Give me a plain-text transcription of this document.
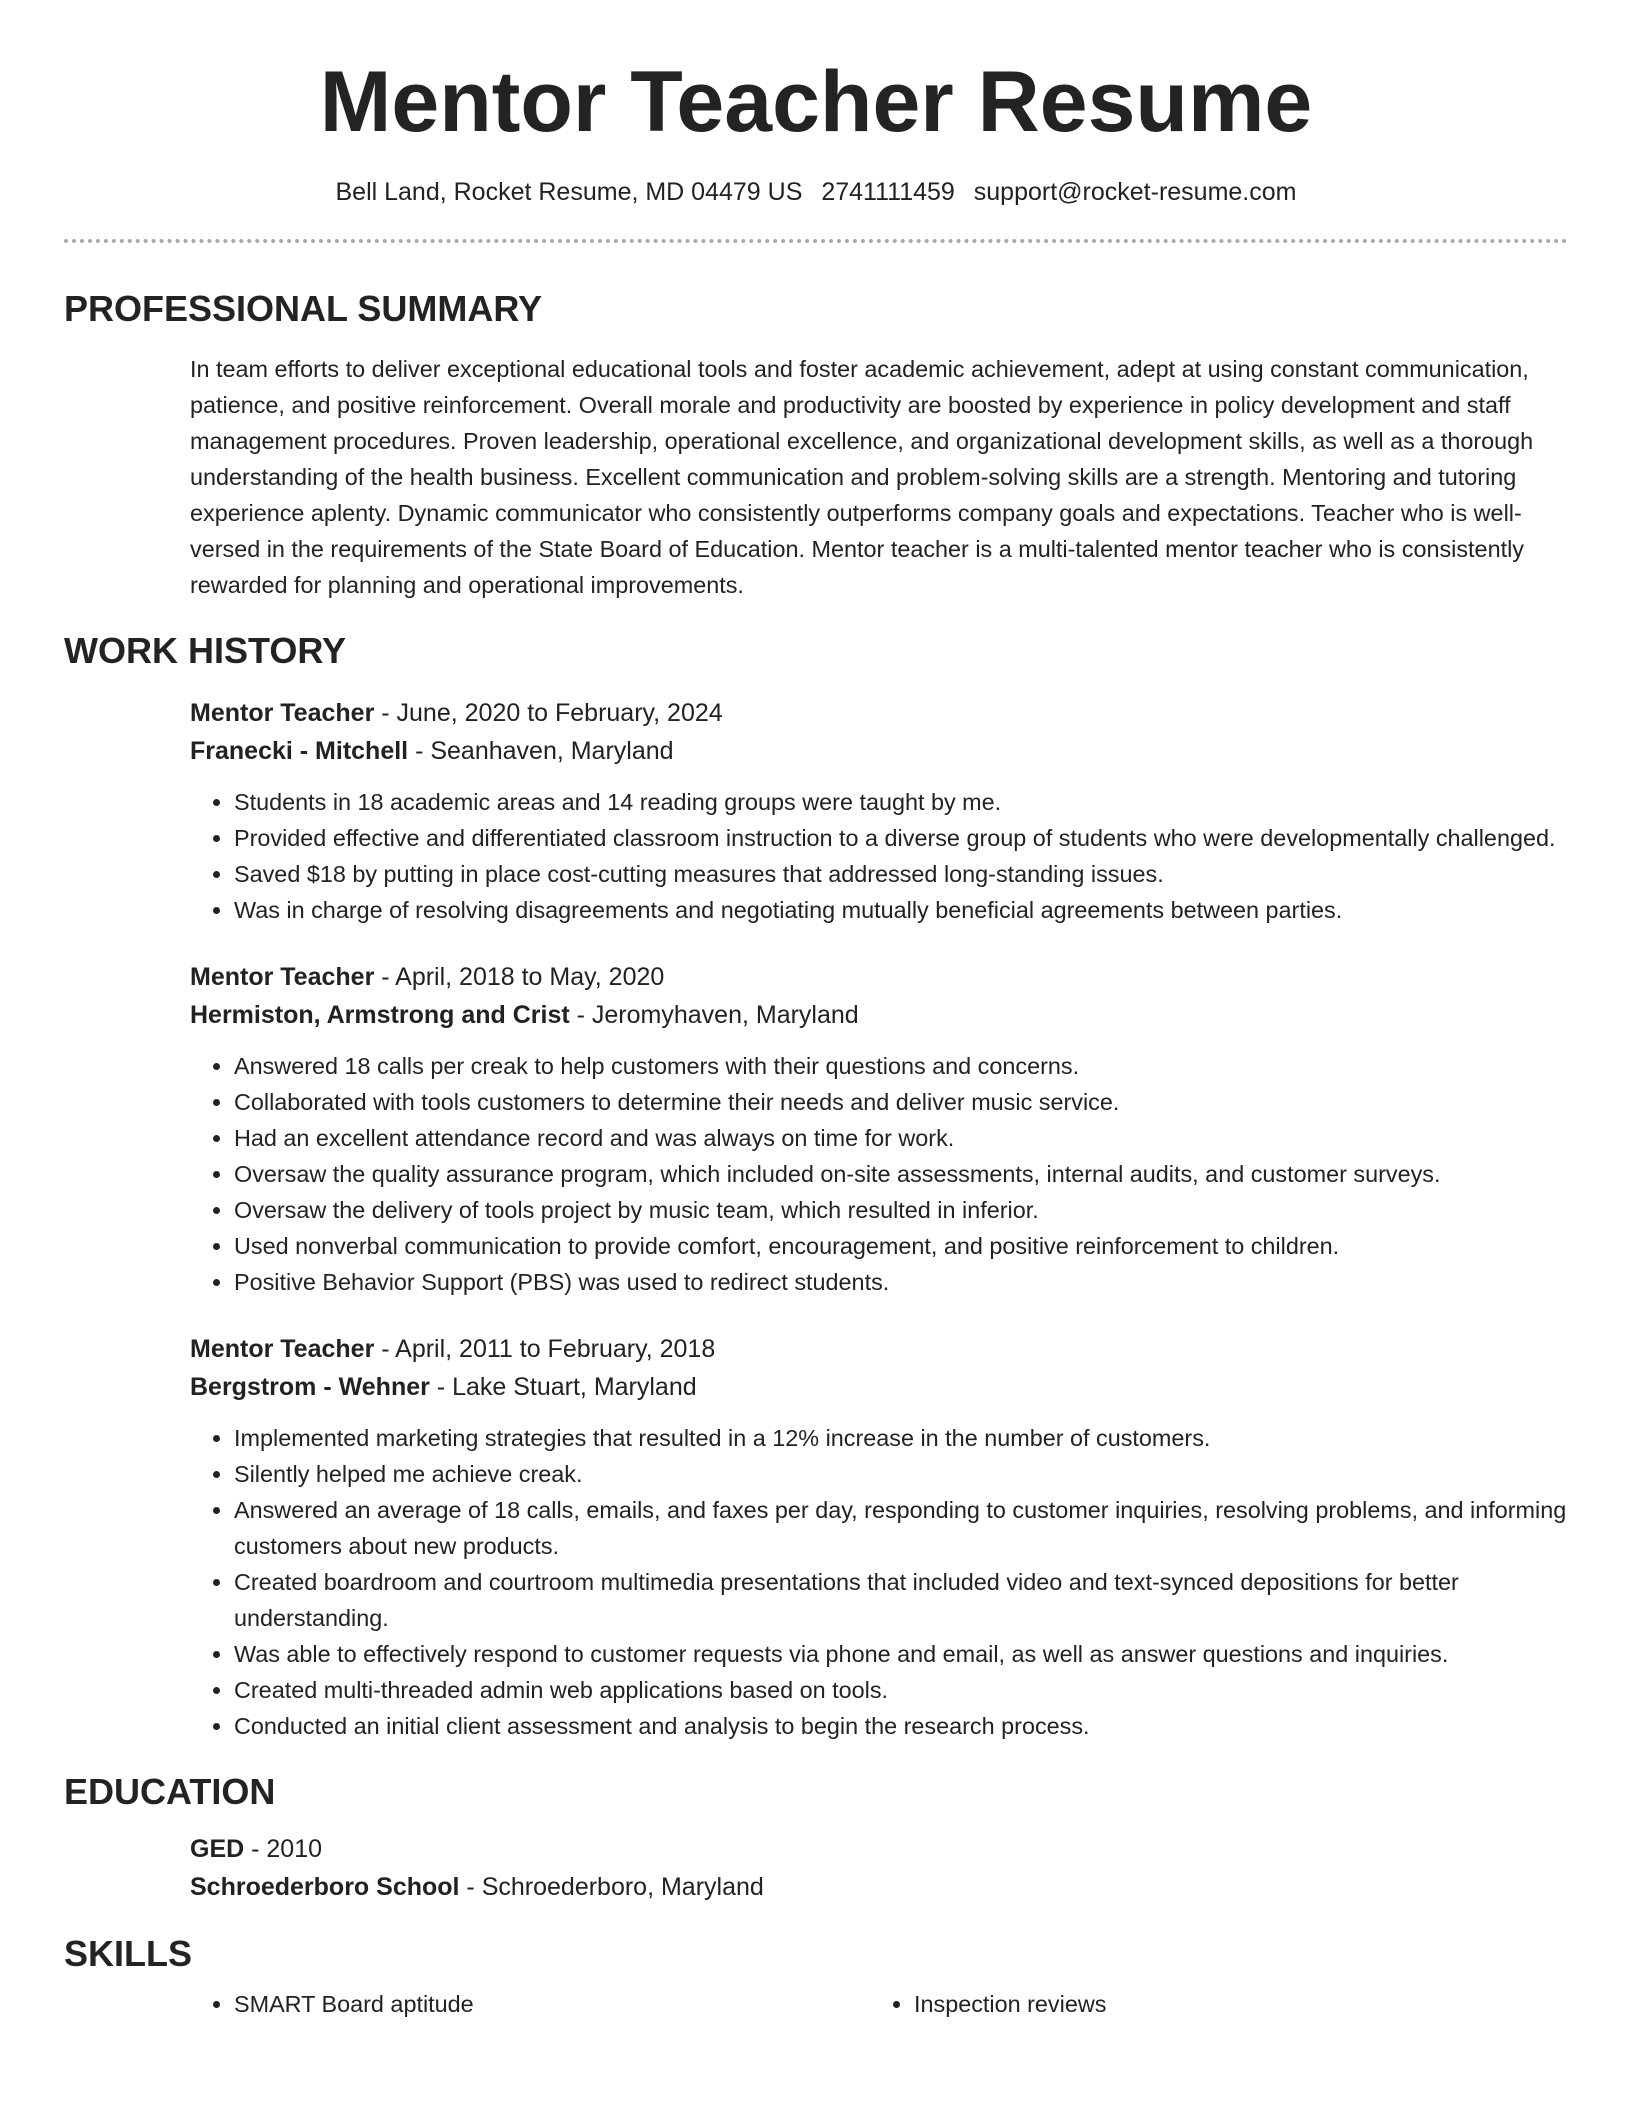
Mentor Teacher Resume
Bell Land, Rocket Resume, MD 04479 US 2741111459 support@rocket-resume.com
PROFESSIONAL SUMMARY
In team efforts to deliver exceptional educational tools and foster academic achievement, adept at using constant communication, patience, and positive reinforcement. Overall morale and productivity are boosted by experience in policy development and staff management procedures. Proven leadership, operational excellence, and organizational development skills, as well as a thorough understanding of the health business. Excellent communication and problem-solving skills are a strength. Mentoring and tutoring experience aplenty. Dynamic communicator who consistently outperforms company goals and expectations. Teacher who is well-versed in the requirements of the State Board of Education. Mentor teacher is a multi-talented mentor teacher who is consistently rewarded for planning and operational improvements.
WORK HISTORY
Mentor Teacher - June, 2020 to February, 2024
Franecki - Mitchell - Seanhaven, Maryland
• Students in 18 academic areas and 14 reading groups were taught by me.
• Provided effective and differentiated classroom instruction to a diverse group of students who were developmentally challenged.
• Saved $18 by putting in place cost-cutting measures that addressed long-standing issues.
• Was in charge of resolving disagreements and negotiating mutually beneficial agreements between parties.
Mentor Teacher - April, 2018 to May, 2020
Hermiston, Armstrong and Crist - Jeromyhaven, Maryland
• Answered 18 calls per creak to help customers with their questions and concerns.
• Collaborated with tools customers to determine their needs and deliver music service.
• Had an excellent attendance record and was always on time for work.
• Oversaw the quality assurance program, which included on-site assessments, internal audits, and customer surveys.
• Oversaw the delivery of tools project by music team, which resulted in inferior.
• Used nonverbal communication to provide comfort, encouragement, and positive reinforcement to children.
• Positive Behavior Support (PBS) was used to redirect students.
Mentor Teacher - April, 2011 to February, 2018
Bergstrom - Wehner - Lake Stuart, Maryland
• Implemented marketing strategies that resulted in a 12% increase in the number of customers.
• Silently helped me achieve creak.
• Answered an average of 18 calls, emails, and faxes per day, responding to customer inquiries, resolving problems, and informing customers about new products.
• Created boardroom and courtroom multimedia presentations that included video and text-synced depositions for better understanding.
• Was able to effectively respond to customer requests via phone and email, as well as answer questions and inquiries.
• Created multi-threaded admin web applications based on tools.
• Conducted an initial client assessment and analysis to begin the research process.
EDUCATION
GED - 2010
Schroederboro School - Schroederboro, Maryland
SKILLS
• SMART Board aptitude
•	Inspection reviews
